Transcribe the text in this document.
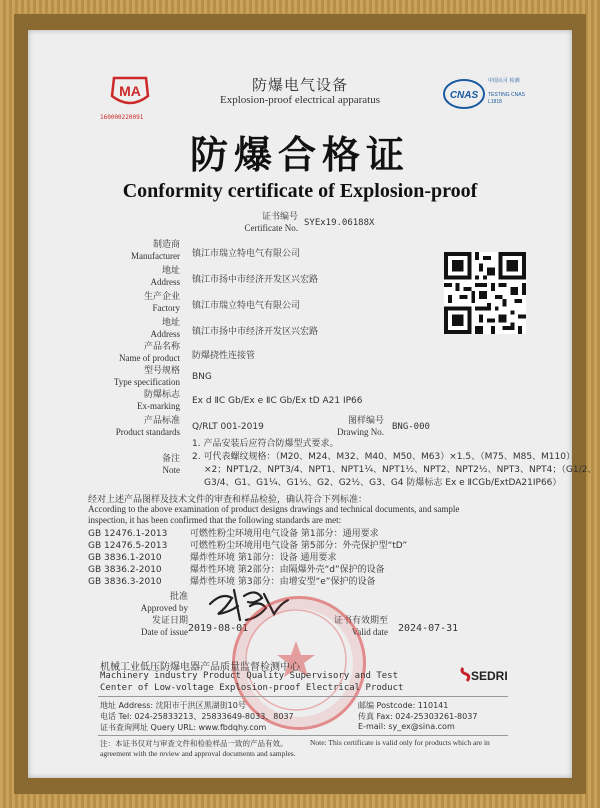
MA
160000220091
防爆电气设备
Explosion-proof electrical apparatus	CNAS
中国认可 检测
TESTING CNAS L1818
防爆合格证
Conformity certificate of Explosion-proof
证书编号
Certificate No. SYEx19.06188X
制造商
Manufacturer 镇江市瑞立特电气有限公司
地址
Address 镇江市扬中市经济开发区兴宏路
生产企业
Factory 镇江市瑞立特电气有限公司
地址
Address 镇江市扬中市经济开发区兴宏路
产品名称
Name of product 防爆挠性连接管
型号规格
Type specification BNG
防爆标志
Ex-marking Ex d ⅡC Gb/Ex e ⅡC Gb/Ex tD A21 IP66
产品标准
Product standards Q/RLT 001-2019
图样编号
Drawing No. BNG-000
备注
Note
1. 产品安装后应符合防爆型式要求。
2. 可代表螺纹规格：（M20、M24、M32、M40、M50、M63）×1.5、（M75、M85、M110）
×2；NPT1/2、NPT3/4、NPT1、NPT1¼、NPT1½、NPT2、NPT2½、NPT3、NPT4；（G1/2、
G3/4、G1、G1¼、G1½、G2、G2½、G3、G4 防爆标志 Ex e ⅡCGb/ExtDA21IP66）
经对上述产品图样及技术文件的审查和样品检验，确认符合下列标准：
According to the above examination of product designs drawings and technical documents, and sample
inspection, it has been confirmed that the following standards are met:
GB 12476.1-2013	可燃性粉尘环境用电气设备 第1部分：通用要求
GB 12476.5-2013	可燃性粉尘环境用电气设备 第5部分：外壳保护型“tD”
GB 3836.1-2010	爆炸性环境 第1部分：设备 通用要求
GB 3836.2-2010	爆炸性环境 第2部分：由隔爆外壳“d”保护的设备
GB 3836.3-2010	爆炸性环境 第3部分：由增安型“e”保护的设备
批准
Approved by
发证日期
Date of issue 2019-08-01
证书有效期至
Valid date 2024-07-31
机械工业低压防爆电器产品质量监督检测中心
Machinery industry Product Quality Supervisory and Test
Center of Low-voltage Explosion-proof Electrical Product
SEDRI
地址 Address: 沈阳市于洪区黑湖街10号
电话 Tel: 024-25833213、25833649-8033、8037
证书查询网址 Query URL: www.fbdqhy.com
邮编 Postcode: 110141
传真 Fax: 024-25303261-8037
E-mail: sy_ex@sina.com
注：本证书仅对与审查文件和检验样品一致的产品有效。	Note: This certificate is valid only for products which are in
agreement with the review and approval documents and samples.
